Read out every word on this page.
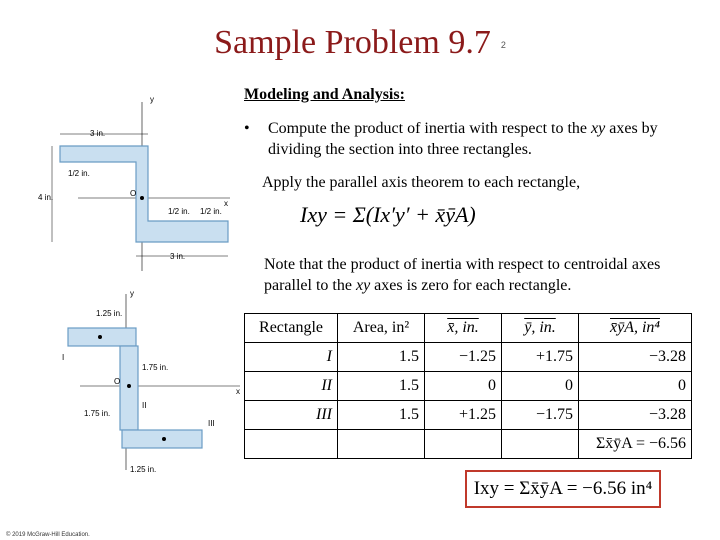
Sample Problem 9.7 2
y
x
3 in.
1/2 in.
4 in.	O
1/2 in. 1/2 in.
3 in.
y
x
1.25 in.
1.75 in.
1.75 in.
1.25 in.
I
II
III
O
Modeling and Analysis:
• Compute the product of inertia with respect to the xy axes by dividing the section into three rectangles.
Apply the parallel axis theorem to each rectangle,
Ixy = Σ(Ix′y′ + x̄ȳA)
Note that the product of inertia with respect to centroidal axes parallel to the xy axes is zero for each rectangle.
Rectangle	Area, in²	x̄, in.	ȳ, in.	x̄ȳA, in⁴
I	1.5	−1.25	+1.75	−3.28
II	1.5	0	0	0
III	1.5	+1.25	−1.75	−3.28
				Σx̄ȳA = −6.56
Ixy = Σx̄ȳA = −6.56 in⁴
© 2019 McGraw-Hill Education.
